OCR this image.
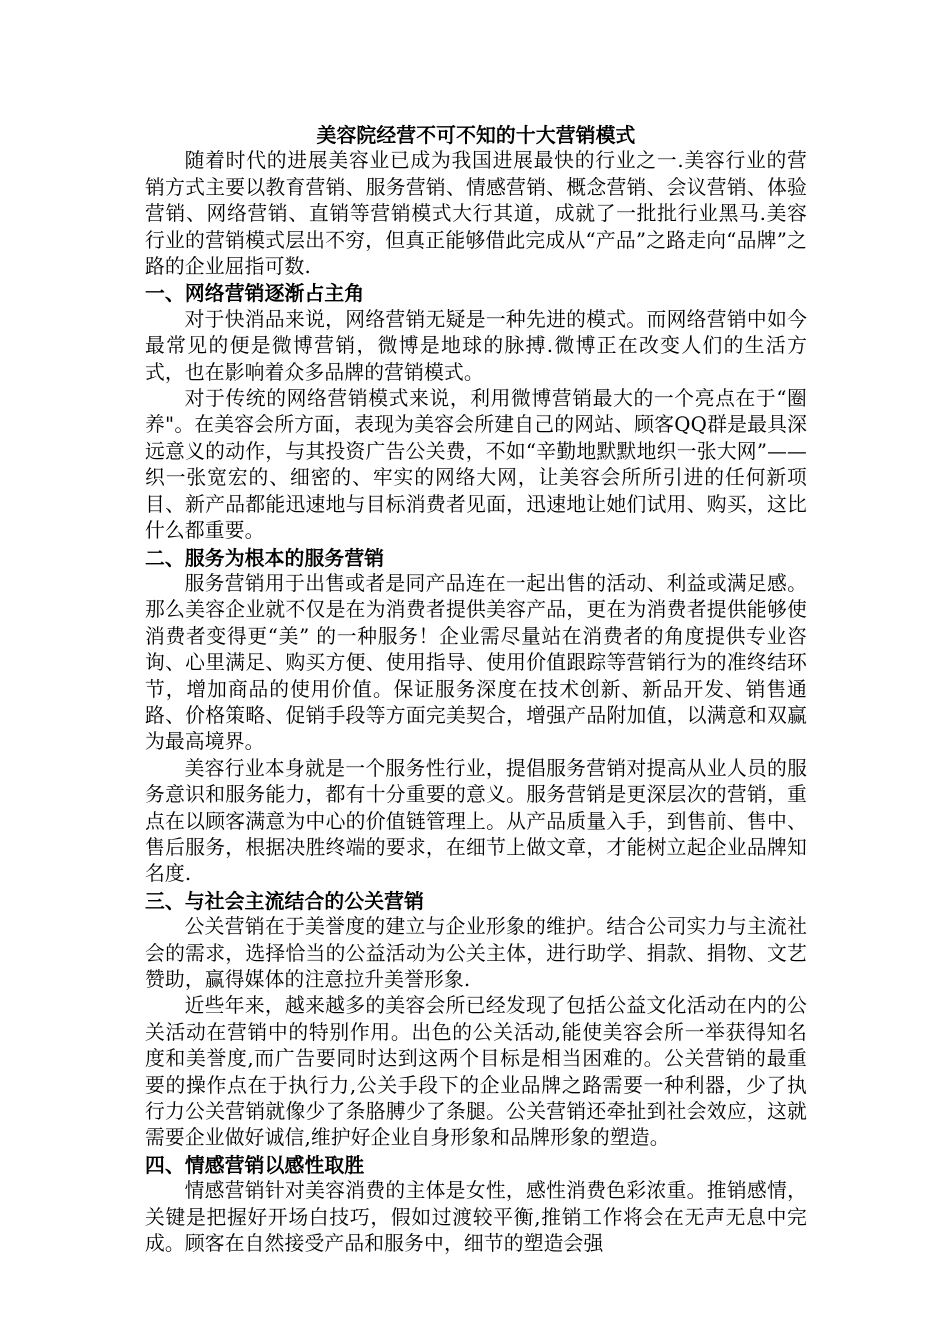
美容院经营不可不知的十大营销模式

随着时代的进展美容业已成为我国进展最快的行业之一.美容行业的营销方式主要以教育营销、服务营销、情感营销、概念营销、会议营销、体验营销、网络营销、直销等营销模式大行其道，成就了一批批行业黑马.美容行业的营销模式层出不穷，但真正能够借此完成从“产品”之路走向“品牌”之路的企业屈指可数.

一、网络营销逐渐占主角

对于快消品来说，网络营销无疑是一种先进的模式。而网络营销中如今最常见的便是微博营销，微博是地球的脉搏.微博正在改变人们的生活方式，也在影响着众多品牌的营销模式。

对于传统的网络营销模式来说，利用微博营销最大的一个亮点在于“圈养"。在美容会所方面，表现为美容会所建自己的网站、顾客QQ群是最具深远意义的动作，与其投资广告公关费，不如“辛勤地默默地织一张大网”——织一张宽宏的、细密的、牢实的网络大网，让美容会所所引进的任何新项目、新产品都能迅速地与目标消费者见面，迅速地让她们试用、购买，这比什么都重要。

二、服务为根本的服务营销

服务营销用于出售或者是同产品连在一起出售的活动、利益或满足感。那么美容企业就不仅是在为消费者提供美容产品，更在为消费者提供能够使消费者变得更“美” 的一种服务！企业需尽量站在消费者的角度提供专业咨询、心里满足、购买方便、使用指导、使用价值跟踪等营销行为的准终结环节，增加商品的使用价值。保证服务深度在技术创新、新品开发、销售通路、价格策略、促销手段等方面完美契合，增强产品附加值，以满意和双赢为最高境界。

美容行业本身就是一个服务性行业，提倡服务营销对提高从业人员的服务意识和服务能力，都有十分重要的意义。服务营销是更深层次的营销，重点在以顾客满意为中心的价值链管理上。从产品质量入手，到售前、售中、售后服务，根据决胜终端的要求，在细节上做文章，才能树立起企业品牌知名度.

三、与社会主流结合的公关营销

公关营销在于美誉度的建立与企业形象的维护。结合公司实力与主流社会的需求，选择恰当的公益活动为公关主体，进行助学、捐款、捐物、文艺赞助，赢得媒体的注意拉升美誉形象.

近些年来，越来越多的美容会所已经发现了包括公益文化活动在内的公关活动在营销中的特别作用。出色的公关活动,能使美容会所一举获得知名度和美誉度,而广告要同时达到这两个目标是相当困难的。公关营销的最重要的操作点在于执行力,公关手段下的企业品牌之路需要一种利器，少了执行力公关营销就像少了条胳膊少了条腿。公关营销还牵扯到社会效应，这就需要企业做好诚信,维护好企业自身形象和品牌形象的塑造。

四、情感营销以感性取胜

情感营销针对美容消费的主体是女性，感性消费色彩浓重。推销感情，关键是把握好开场白技巧，假如过渡较平衡,推销工作将会在无声无息中完成。顾客在自然接受产品和服务中，细节的塑造会强
